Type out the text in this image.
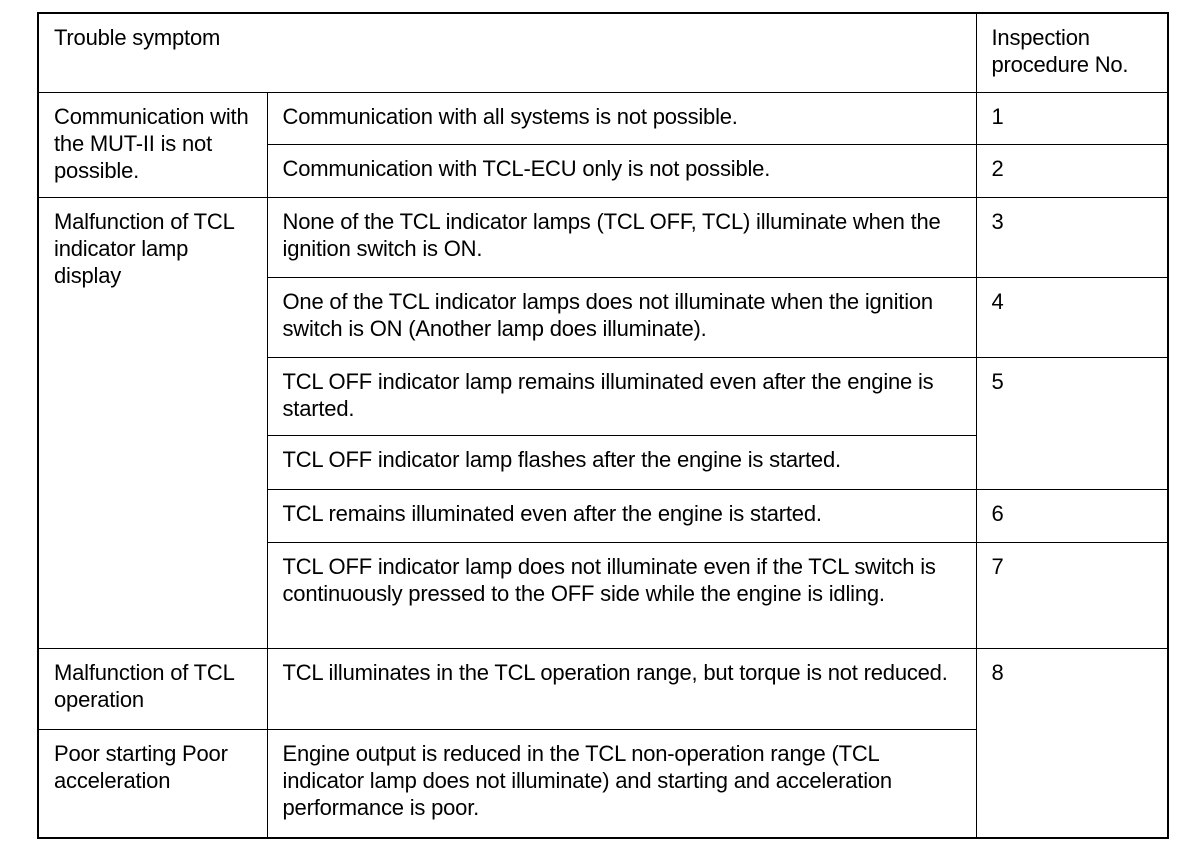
Trouble symptom		Inspection procedure No.
Communication with the MUT-II is not possible.	Communication with all systems is not possible.	1
	Communication with TCL-ECU only is not possible.	2
Malfunction of TCL indicator lamp display	None of the TCL indicator lamps (TCL OFF, TCL) illuminate when the ignition switch is ON.	3
	One of the TCL indicator lamps does not illuminate when the ignition switch is ON (Another lamp does illuminate).	4
	TCL OFF indicator lamp remains illuminated even after the engine is started.	5
	TCL OFF indicator lamp flashes after the engine is started.	
	TCL remains illuminated even after the engine is started.	6
	TCL OFF indicator lamp does not illuminate even if the TCL switch is continuously pressed to the OFF side while the engine is idling.	7
Malfunction of TCL operation	TCL illuminates in the TCL operation range, but torque is not reduced.	8
Poor starting Poor acceleration	Engine output is reduced in the TCL non-operation range (TCL indicator lamp does not illuminate) and starting and acceleration performance is poor.	
